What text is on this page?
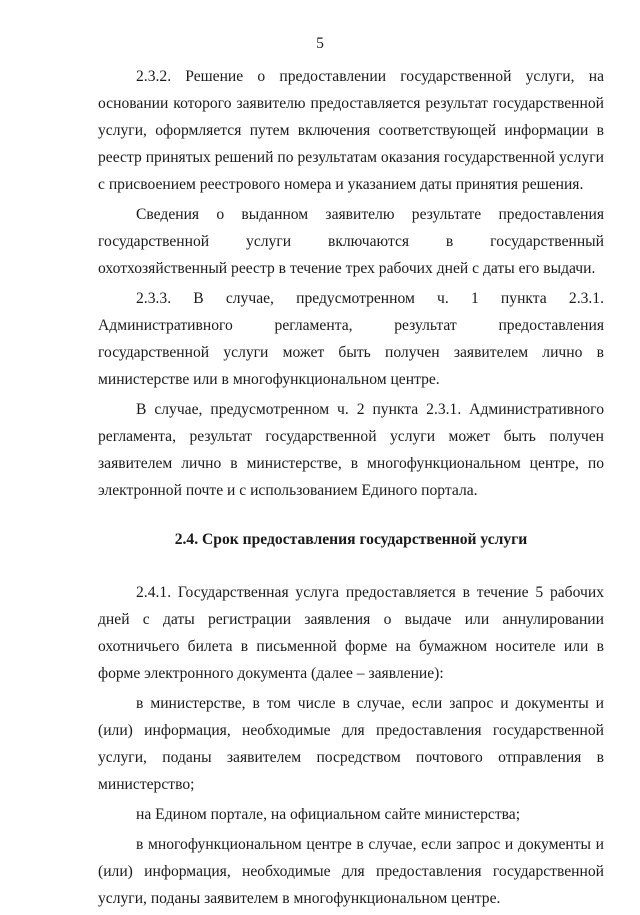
5

2.3.2. Решение о предоставлении государственной услуги, на основании которого заявителю предоставляется результат государственной услуги, оформляется путем включения соответствующей информации в реестр принятых решений по результатам оказания государственной услуги с присвоением реестрового номера и указанием даты принятия решения.

Сведения о выданном заявителю результате предоставления государственной услуги включаются в государственный охотхозяйственный реестр в течение трех рабочих дней с даты его выдачи.

2.3.3. В случае, предусмотренном ч. 1 пункта 2.3.1. Административного регламента, результат предоставления государственной услуги может быть получен заявителем лично в министерстве или в многофункциональном центре.

В случае, предусмотренном ч. 2 пункта 2.3.1. Административного регламента, результат государственной услуги может быть получен заявителем лично в министерстве, в многофункциональном центре, по электронной почте и с использованием Единого портала.

2.4. Срок предоставления государственной услуги

2.4.1. Государственная услуга предоставляется в течение 5 рабочих дней с даты регистрации заявления о выдаче или аннулировании охотничьего билета в письменной форме на бумажном носителе или в форме электронного документа (далее – заявление):

в министерстве, в том числе в случае, если запрос и документы и (или) информация, необходимые для предоставления государственной услуги, поданы заявителем посредством почтового отправления в министерство;

на Едином портале, на официальном сайте министерства;

в многофункциональном центре в случае, если запрос и документы и (или) информация, необходимые для предоставления государственной услуги, поданы заявителем в многофункциональном центре.
